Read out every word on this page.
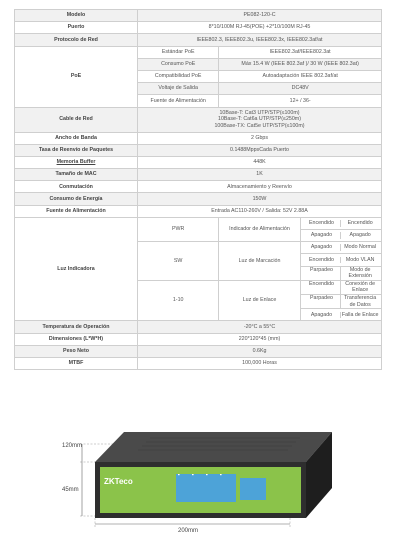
Modelo	PE082-120-C		
Puerto	8*10/100M RJ-45(POE) +2*10/100M RJ-45		
Protocolo de Red	IEEE802.3, IEEE802.3u, IEEE802.3x, IEEE802.3af/at		
PoE	Estándar PoE	IEEE802.3af/IEEE802.3at	
	Consumo PoE	Máx 15.4 W (IEEE 802.3af )/ 30 W (IEEE 802.3at)	
	Compatibilidad PoE	Autoadaptación IEEE 802.3af/at	
	Voltaje de Salida	DC48V	
	Fuente de Alimentación	12+ / 36-	
Cable de Red	10Base-T: Cat3 UTP/STP(≤100m)
10Base-T: Cat6a UTP/STP(≤250m)
100Base-TX: Cat5e UTP/STP(≤100m)		

Ancho de Banda	2 Gbps		
Tasa de Reenvío de Paquetes	0.1488MppsCada Puerto		
Memoria Buffer	448K		
Tamaño de MAC	1K		
Conmutación	Almacenamiento y Reenvío		
Consumo de Energía	150W		
Fuente de Alimentación	Entrada AC110-260V / Salida: 52V 2.88A		
Luz Indicadora	PWR	Indicador de Alimentación	Encendido Encendido

			Apagado Apagado

	SW	Luz de Marcación	Apagado Modo Normal

			Encendido Modo VLAN

			Parpadeo Modo de Extensión

	1-10	Luz de Enlace	Encendido Conexión de Enlace

			Parpadeo Transferencia de Datos

			Apagado Falla de Enlace

Temperatura de Operación	-20°C a 55°C		
Dimensiones (L*W*H)	220*120*45 (mm)		
Peso Neto	0.6Kg		
MTBF	100,000 Horas		
120mm
45mm
200mm
ZKTeco
